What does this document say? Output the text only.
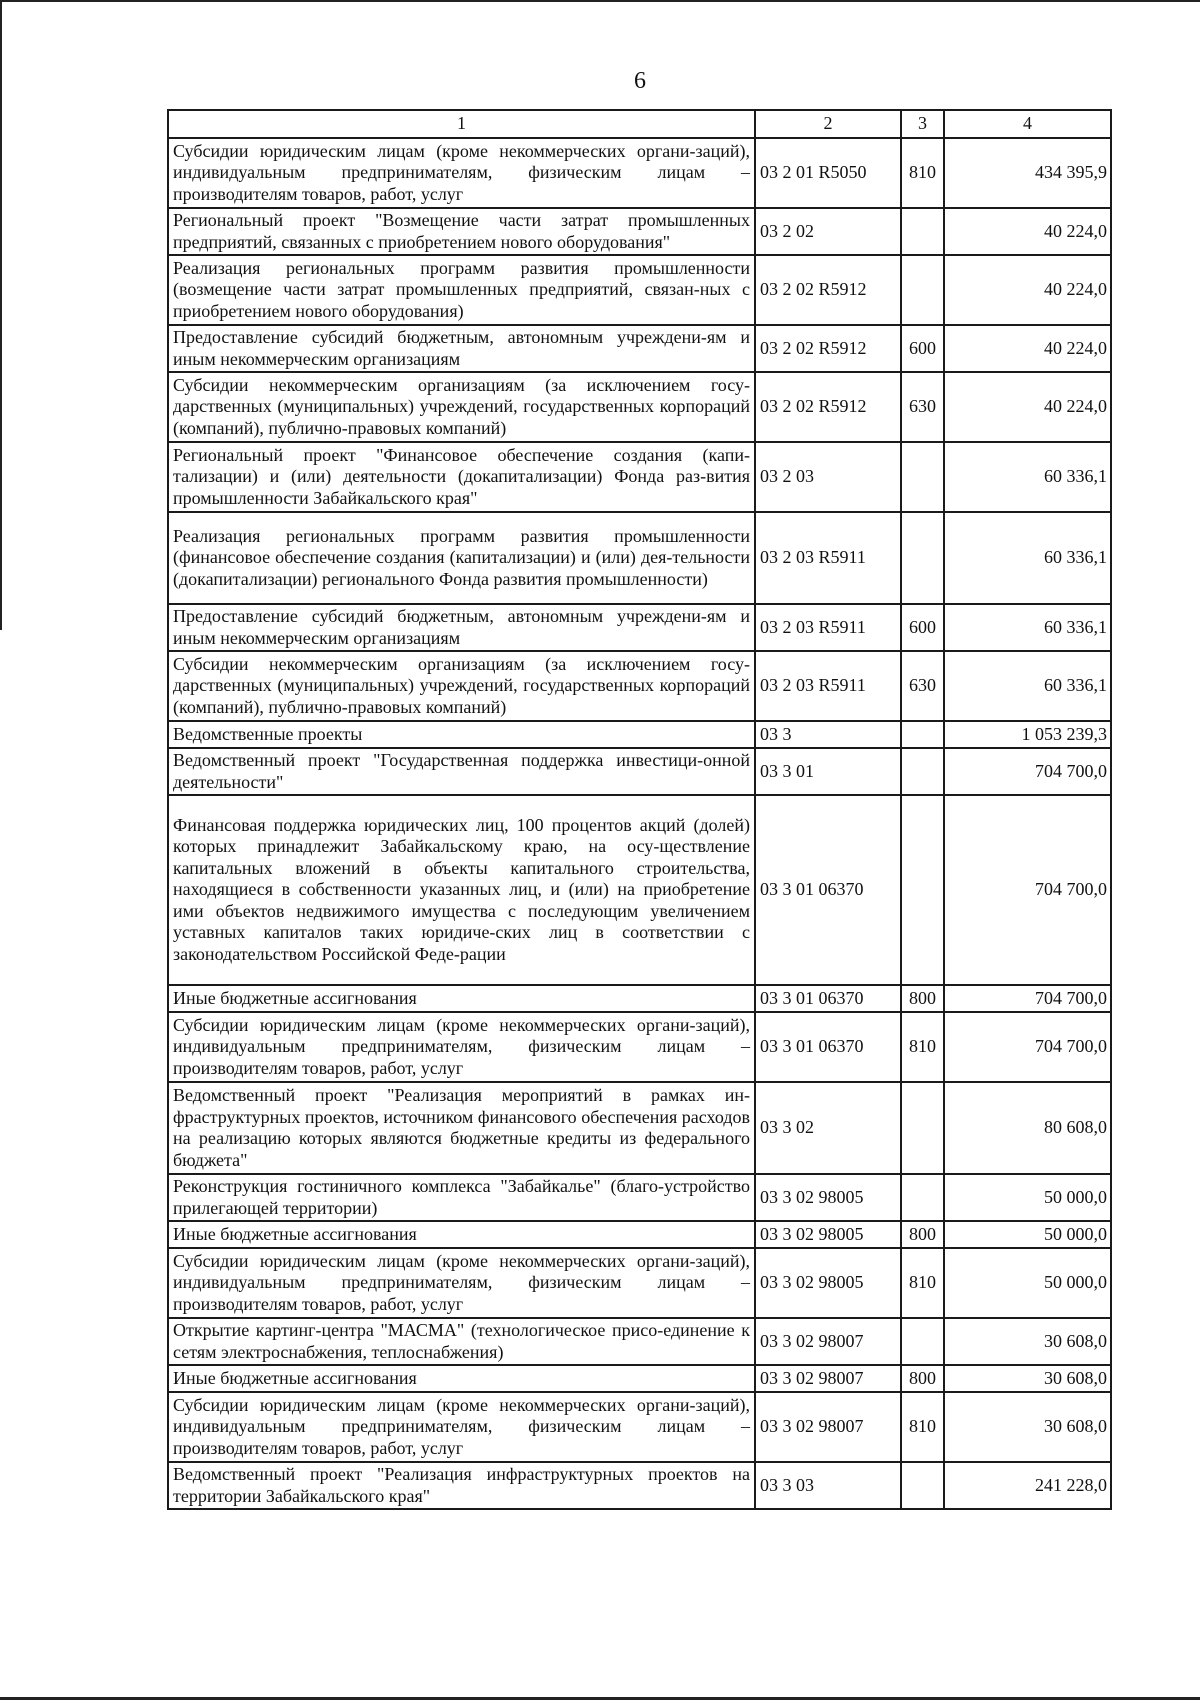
6
1	2	3	4
Субсидии юридическим лицам (кроме некоммерческих органи-заций), индивидуальным предпринимателям, физическим лицам – производителям товаров, работ, услуг	03 2 01 R5050	810	434 395,9
Региональный проект "Возмещение части затрат промышленных предприятий, связанных с приобретением нового оборудования"	03 2 02		40 224,0
Реализация региональных программ развития промышленности (возмещение части затрат промышленных предприятий, связан-ных с приобретением нового оборудования)	03 2 02 R5912		40 224,0
Предоставление субсидий бюджетным, автономным учреждени-ям и иным некоммерческим организациям	03 2 02 R5912	600	40 224,0
Субсидии некоммерческим организациям (за исключением госу-дарственных (муниципальных) учреждений, государственных корпораций (компаний), публично-правовых компаний)	03 2 02 R5912	630	40 224,0
Региональный проект "Финансовое обеспечение создания (капи-тализации) и (или) деятельности (докапитализации) Фонда раз-вития промышленности Забайкальского края"	03 2 03		60 336,1
Реализация региональных программ развития промышленности (финансовое обеспечение создания (капитализации) и (или) дея-тельности (докапитализации) регионального Фонда развития промышленности)	03 2 03 R5911		60 336,1
Предоставление субсидий бюджетным, автономным учреждени-ям и иным некоммерческим организациям	03 2 03 R5911	600	60 336,1
Субсидии некоммерческим организациям (за исключением госу-дарственных (муниципальных) учреждений, государственных корпораций (компаний), публично-правовых компаний)	03 2 03 R5911	630	60 336,1
Ведомственные проекты	03 3		1 053 239,3
Ведомственный проект "Государственная поддержка инвестици-онной деятельности"	03 3 01		704 700,0
Финансовая поддержка юридических лиц, 100 процентов акций (долей) которых принадлежит Забайкальскому краю, на осу-ществление капитальных вложений в объекты капитального строительства, находящиеся в собственности указанных лиц, и (или) на приобретение ими объектов недвижимого имущества с последующим увеличением уставных капиталов таких юридиче-ских лиц в соответствии с законодательством Российской Феде-рации	03 3 01 06370		704 700,0
Иные бюджетные ассигнования	03 3 01 06370	800	704 700,0
Субсидии юридическим лицам (кроме некоммерческих органи-заций), индивидуальным предпринимателям, физическим лицам – производителям товаров, работ, услуг	03 3 01 06370	810	704 700,0
Ведомственный проект "Реализация мероприятий в рамках ин-фраструктурных проектов, источником финансового обеспечения расходов на реализацию которых являются бюджетные кредиты из федерального бюджета"	03 3 02		80 608,0
Реконструкция гостиничного комплекса "Забайкалье" (благо-устройство прилегающей территории)	03 3 02 98005		50 000,0
Иные бюджетные ассигнования	03 3 02 98005	800	50 000,0
Субсидии юридическим лицам (кроме некоммерческих органи-заций), индивидуальным предпринимателям, физическим лицам – производителям товаров, работ, услуг	03 3 02 98005	810	50 000,0
Открытие картинг-центра "МАСМА" (технологическое присо-единение к сетям электроснабжения, теплоснабжения)	03 3 02 98007		30 608,0
Иные бюджетные ассигнования	03 3 02 98007	800	30 608,0
Субсидии юридическим лицам (кроме некоммерческих органи-заций), индивидуальным предпринимателям, физическим лицам – производителям товаров, работ, услуг	03 3 02 98007	810	30 608,0
Ведомственный проект "Реализация инфраструктурных проектов на территории Забайкальского края"	03 3 03		241 228,0
